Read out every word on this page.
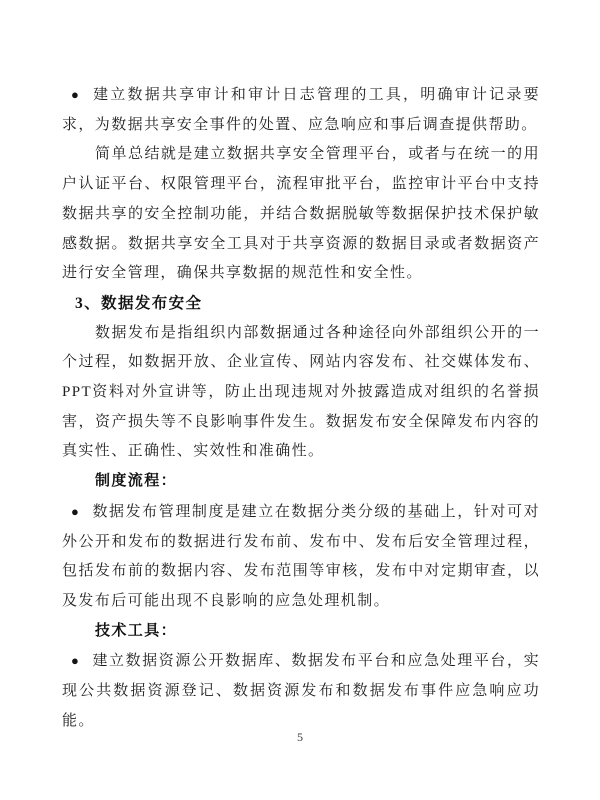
● 建立数据共享审计和审计日志管理的工具，明确审计记录要求，为数据共享安全事件的处置、应急响应和事后调查提供帮助。

简单总结就是建立数据共享安全管理平台，或者与在统一的用户认证平台、权限管理平台，流程审批平台，监控审计平台中支持数据共享的安全控制功能，并结合数据脱敏等数据保护技术保护敏感数据。数据共享安全工具对于共享资源的数据目录或者数据资产进行安全管理，确保共享数据的规范性和安全性。

3、数据发布安全

数据发布是指组织内部数据通过各种途径向外部组织公开的一个过程，如数据开放、企业宣传、网站内容发布、社交媒体发布、PPT资料对外宣讲等，防止出现违规对外披露造成对组织的名誉损害，资产损失等不良影响事件发生。数据发布安全保障发布内容的真实性、正确性、实效性和准确性。

制度流程：

● 数据发布管理制度是建立在数据分类分级的基础上，针对可对外公开和发布的数据进行发布前、发布中、发布后安全管理过程，包括发布前的数据内容、发布范围等审核，发布中对定期审查，以及发布后可能出现不良影响的应急处理机制。

技术工具：

● 建立数据资源公开数据库、数据发布平台和应急处理平台，实现公共数据资源登记、数据资源发布和数据发布事件应急响应功能。

5
